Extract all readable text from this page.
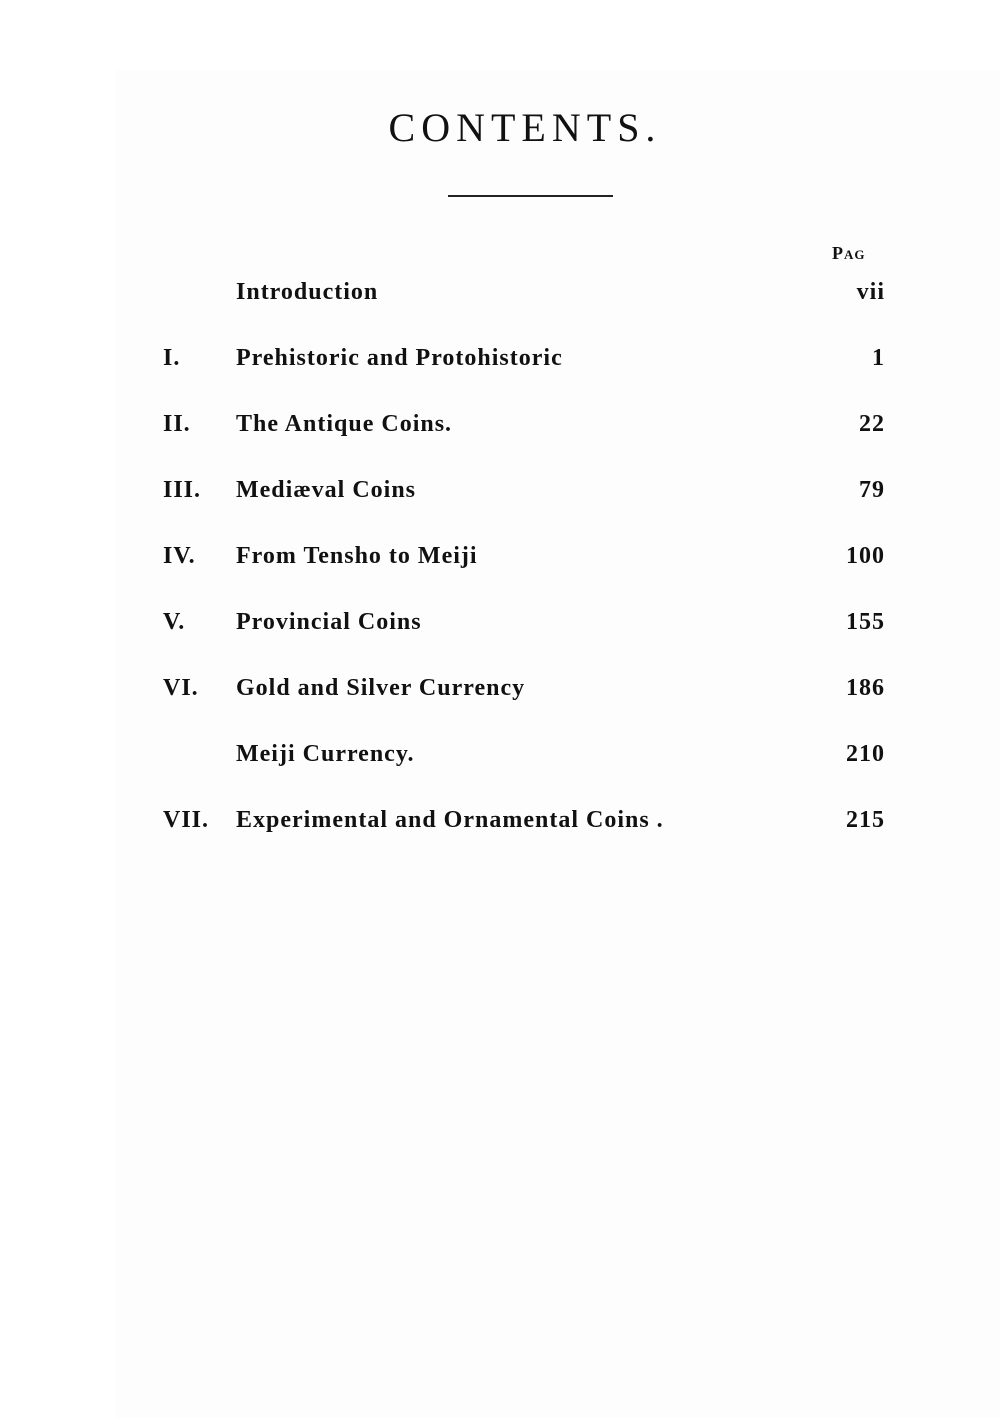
CONTENTS.
Pag
Introduction	vii
I. Prehistoric and Protohistoric	1
II. The Antique Coins.	22
III. Mediæval Coins	79
IV. From Tensho to Meiji	100
V. Provincial Coins	155
VI. Gold and Silver Currency	186
Meiji Currency.	210
VII. Experimental and Ornamental Coins .	215
